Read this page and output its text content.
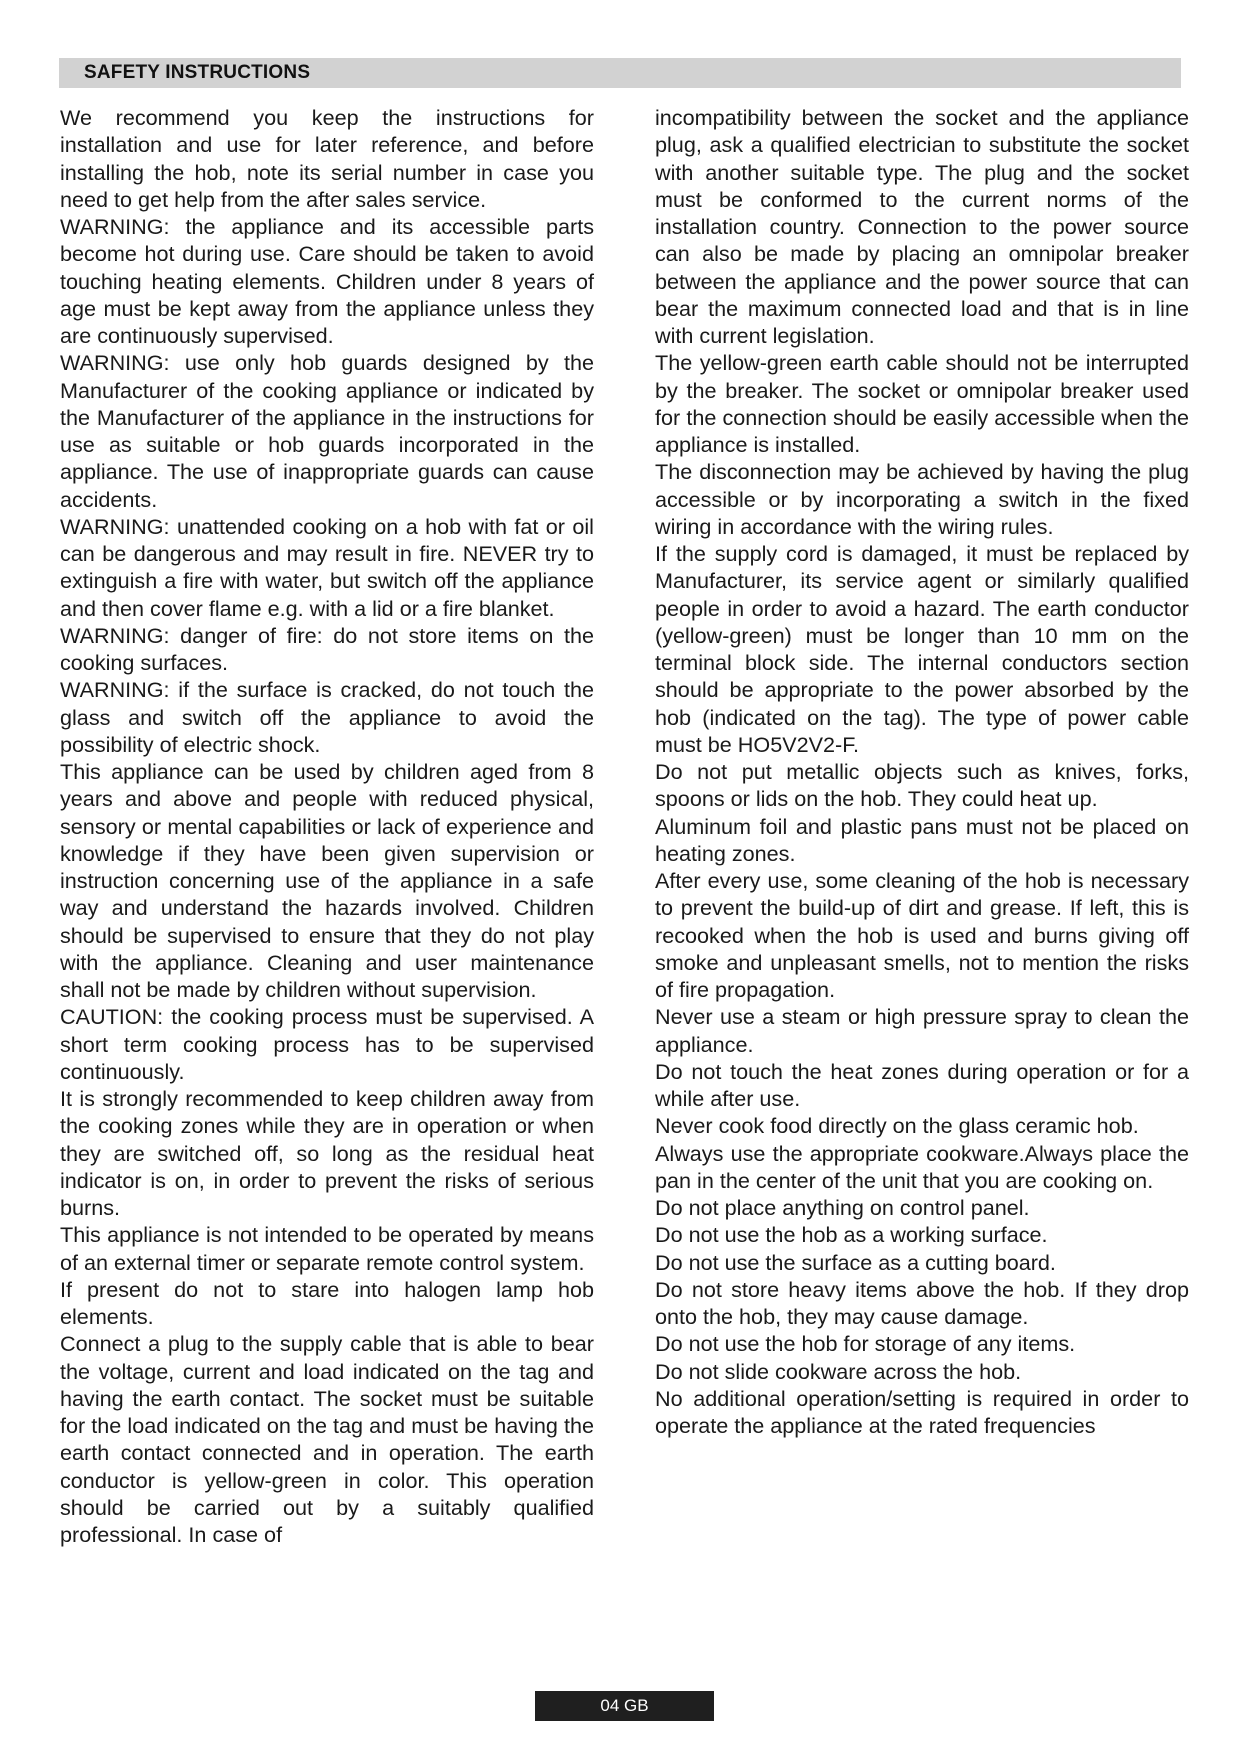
SAFETY INSTRUCTIONS

We recommend you keep the instructions for installation and use for later reference, and before installing the hob, note its serial number in case you need to get help from the after sales service.

WARNING: the appliance and its accessible parts become hot during use. Care should be taken to avoid touching heating elements. Children under 8 years of age must be kept away from the appliance unless they are continuously supervised.

WARNING: use only hob guards designed by the Manufacturer of the cooking appliance or indicated by the Manufacturer of the appliance in the instructions for use as suitable or hob guards incorporated in the appliance. The use of inappropriate guards can cause accidents.

WARNING: unattended cooking on a hob with fat or oil can be dangerous and may result in fire. NEVER try to extinguish a fire with water, but switch off the appliance and then cover flame e.g. with a lid or a fire blanket.

WARNING: danger of fire: do not store items on the cooking surfaces.

WARNING: if the surface is cracked, do not touch the glass and switch off the appliance to avoid the possibility of electric shock.

This appliance can be used by children aged from 8 years and above and people with reduced physical, sensory or mental capabilities or lack of experience and knowledge if they have been given supervision or instruction concerning use of the appliance in a safe way and understand the hazards involved. Children should be supervised to ensure that they do not play with the appliance. Cleaning and user maintenance shall not be made by children without supervision.

CAUTION: the cooking process must be supervised. A short term cooking process has to be supervised continuously.

It is strongly recommended to keep children away from the cooking zones while they are in operation or when they are switched off, so long as the residual heat indicator is on, in order to prevent the risks of serious burns.

This appliance is not intended to be operated by means of an external timer or separate remote control system.

If present do not to stare into halogen lamp hob elements.

Connect a plug to the supply cable that is able to bear the voltage, current and load indicated on the tag and having the earth contact. The socket must be suitable for the load indicated on the tag and must be having the earth contact connected and in operation. The earth conductor is yellow-green in color. This operation should be carried out by a suitably qualified professional. In case of

incompatibility between the socket and the appliance plug, ask a qualified electrician to substitute the socket with another suitable type. The plug and the socket must be conformed to the current norms of the installation country. Connection to the power source can also be made by placing an omnipolar breaker between the appliance and the power source that can bear the maximum connected load and that is in line with current legislation.

The yellow-green earth cable should not be interrupted by the breaker. The socket or omnipolar breaker used for the connection should be easily accessible when the appliance is installed.

The disconnection may be achieved by having the plug accessible or by incorporating a switch in the fixed wiring in accordance with the wiring rules.

If the supply cord is damaged, it must be replaced by Manufacturer, its service agent or similarly qualified people in order to avoid a hazard. The earth conductor (yellow-green) must be longer than 10 mm on the terminal block side. The internal conductors section should be appropriate to the power absorbed by the hob (indicated on the tag). The type of power cable must be HO5V2V2-F.

Do not put metallic objects such as knives, forks, spoons or lids on the hob. They could heat up.

Aluminum foil and plastic pans must not be placed on heating zones.

After every use, some cleaning of the hob is necessary to prevent the build-up of dirt and grease. If left, this is recooked when the hob is used and burns giving off smoke and unpleasant smells, not to mention the risks of fire propagation.

Never use a steam or high pressure spray to clean the appliance.

Do not touch the heat zones during operation or for a while after use.

Never cook food directly on the glass ceramic hob.

Always use the appropriate cookware.Always place the pan in the center of the unit that you are cooking on.

Do not place anything on control panel.

Do not use the hob as a working surface.

Do not use the surface as a cutting board.

Do not store heavy items above the hob. If they drop onto the hob, they may cause damage.

Do not use the hob for storage of any items.

Do not slide cookware across the hob.

No additional operation/setting is required in order to operate the appliance at the rated frequencies

04 GB
